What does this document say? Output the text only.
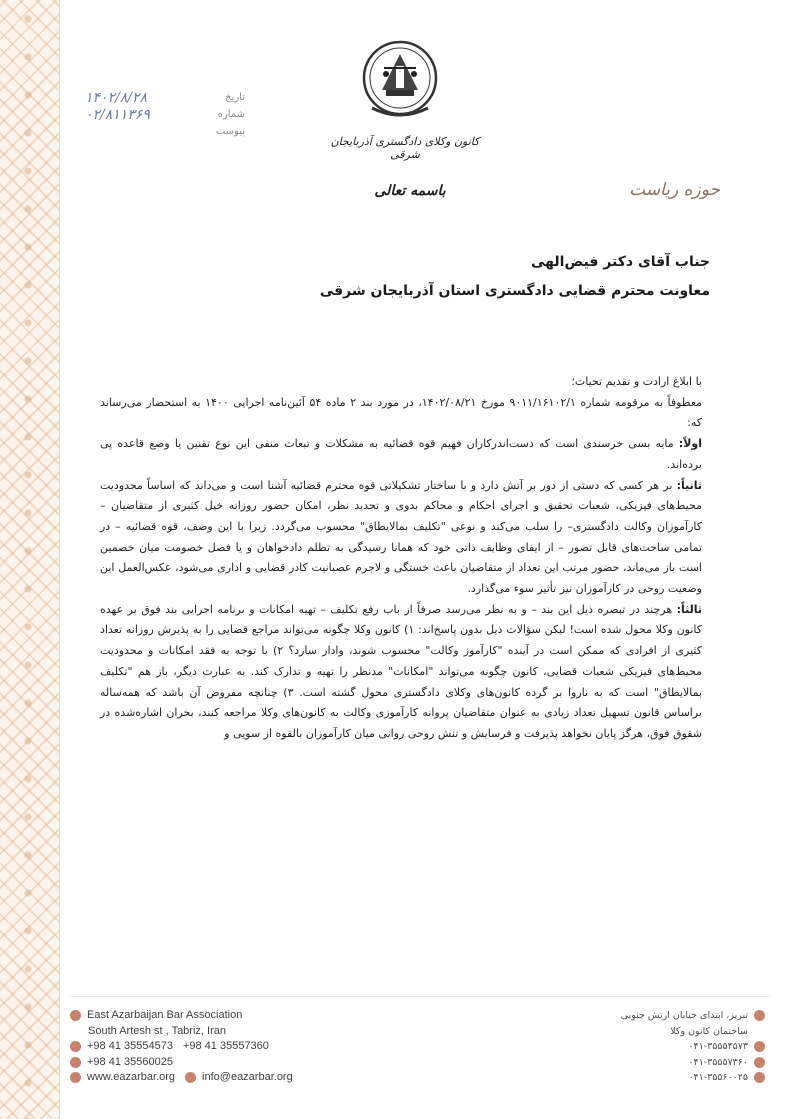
کانون وکلای دادگستری آذربایجان شرقی
باسمه تعالی	حوزه ریاست
تاریخ
۱۴۰۲/۸/۲۸
شماره
۰۲/۸۱۱۳۶۹
پیوست
جناب آقای دکتر فیض‌الهی
معاونت محترم قضایی دادگستری استان آذربایجان شرقی

با ابلاغ ارادت و تقدیم تحیات؛

معطوفاً به مرقومه شماره ۹۰۱۱/۱۶۱۰۲/۱ مورخ ۱۴۰۲/۰۸/۲۱، در مورد بند ۲ ماده ۵۴ آئین‌نامه اجرایی ۱۴۰۰ به استحضار می‌رساند که:

اولاً: مایه بسی خرسندی است که دست‌اندرکاران فهیم قوه قضائیه به مشکلات و تبعات منفی این نوع تقنین یا وضع قاعده پی برده‌اند.

ثانیاً: بر هر کسی که دستی از دور بر آتش دارد و با ساختار تشکیلاتی قوه محترم قضائیه آشنا است و می‌داند که اساساً محدودیت محیط‌های فیزیکی، شعبات تحقیق و اجرای احکام و محاکم بدوی و تجدید نظر، امکان حضور روزانه خیل کثیری از متقاضیان –کارآموزان وکالت دادگستری– را سلب می‌کند و نوعی "تکلیف بمالایطاق" محسوب می‌گردد. زیرا با این وصف، قوه قضائیه – در تمامی ساحت‌های قابل تصور – از ایفای وظایف ذاتی خود که همانا رسیدگی به تظلم دادخواهان و یا فصل خصومت میان خصمین است باز می‌ماند، حضور مرتب این تعداد از متقاضیان باعث خستگی و لاجرم عصبانیت کادر قضایی و اداری می‌شود، عکس‌العمل این وضعیت روحی در کارآموزان نیز تأثیر سوء می‌گذارد.

ثالثاً: هرچند در تبصره ذیل این بند – و به نظر می‌رسد صرفاً از باب رفع تکلیف – تهیه امکانات و برنامه اجرایی بند فوق بر عهده کانون وکلا محول شده است! لیکن سؤالات ذیل بدون پاسخ‌اند: ۱) کانون وکلا چگونه می‌تواند مراجع قضایی را به پذیرش روزانه تعداد کثیری از افرادی که ممکن است در آینده "کارآموز وکالت" محسوب شوند، وادار سازد؟ ۲) با توجه به فقد امکانات و محدودیت محیط‌های فیزیکی شعبات قضایی، کانون چگونه می‌تواند "امکانات" مدنظر را تهیه و تدارک کند. به عبارت دیگر، باز هم "تکلیف بمالایطاق" است که به ناروا بر گرده کانون‌های وکلای دادگستری محول گشته است. ۳) چنانچه مفروض آن باشد که همه‌ساله براساس قانون تسهیل تعداد زیادی به عنوان متقاضیان پروانه کارآموزی وکالت به کانون‌های وکلا مراجعه کنند، بحران اشاره‌شده در شقوق فوق، هرگز پایان نخواهد پذیرفت و فرسایش و تنش روحی روانی میان کارآموزان بالقوه از سویی و

East Azarbaijan Bar Association
South Artesh st , Tabriz, Iran
+98 41 35554573 +98 41 35557360
+98 41 35560025
www.eazarbar.org info@eazarbar.org
تبریز، ابتدای خیابان ارتش جنوبی
ساختمان کانون وکلا
۰۴۱-۳۵۵۵۴۵۷۳
۰۴۱-۳۵۵۵۷۳۶۰
۰۴۱-۳۵۵۶۰۰۲۵
